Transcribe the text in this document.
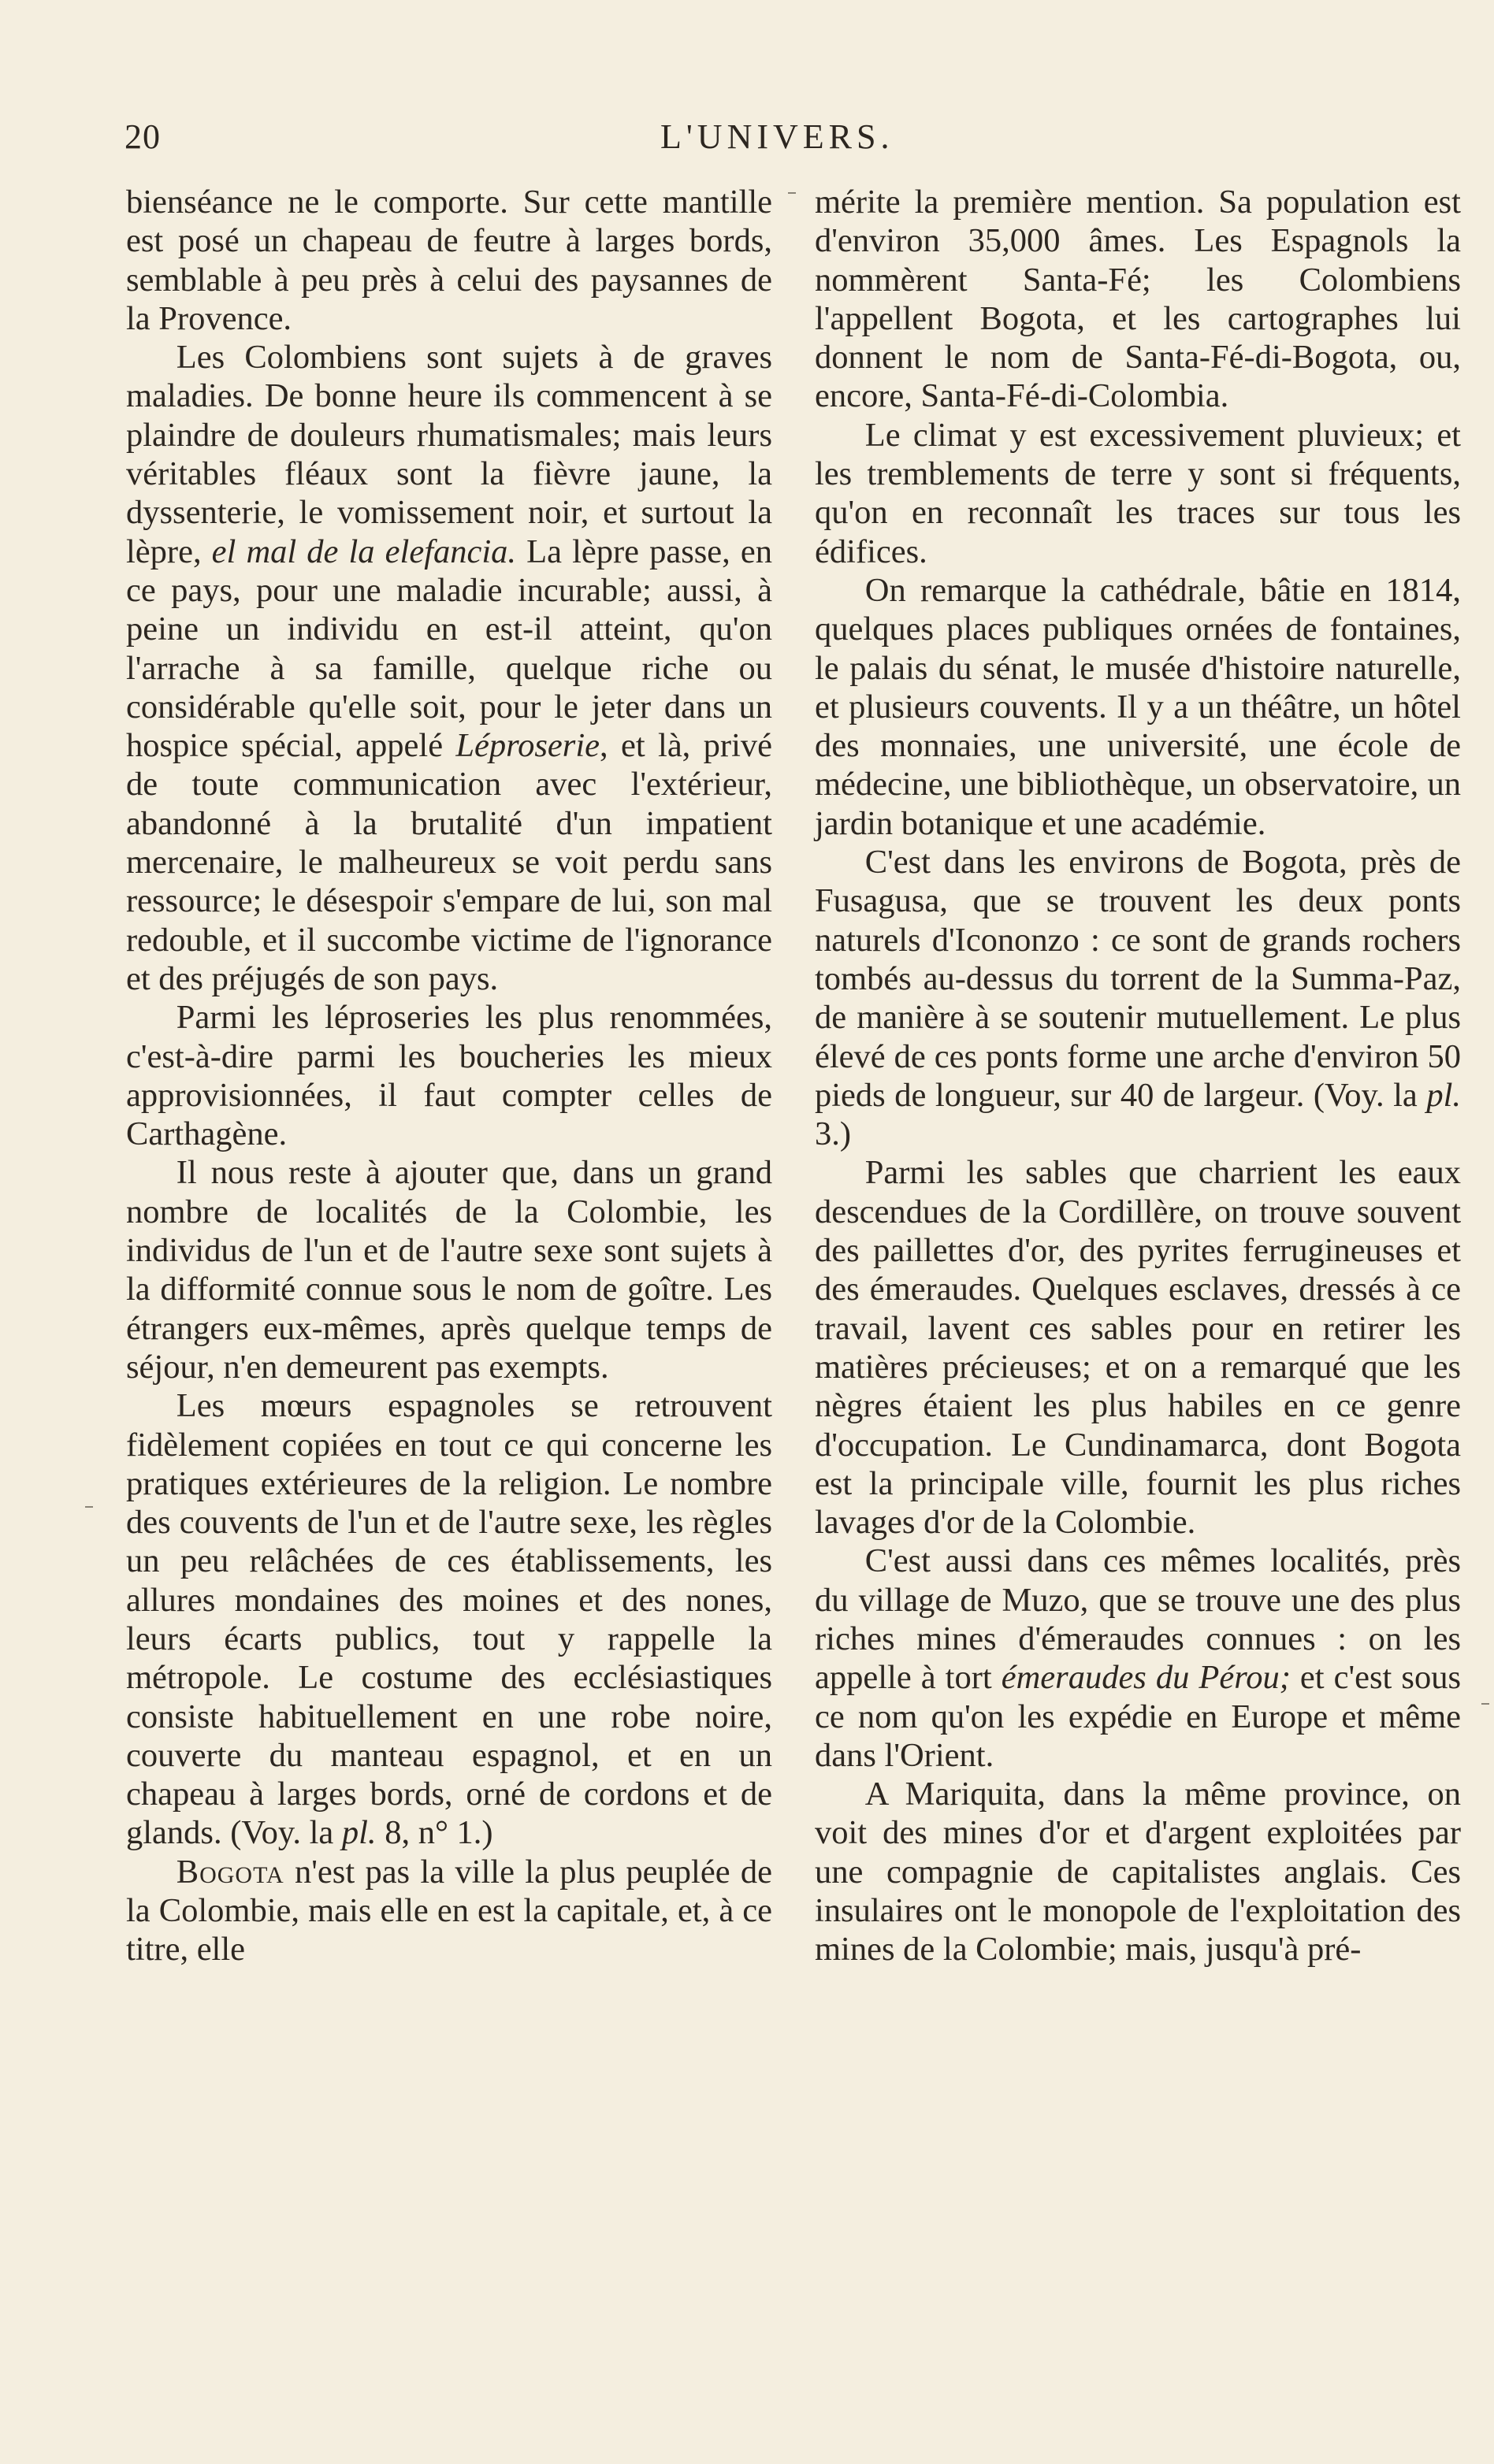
20	L'UNIVERS.

bienséance ne le comporte. Sur cette mantille est posé un chapeau de feutre à larges bords, semblable à peu près à celui des paysannes de la Provence.

Les Colombiens sont sujets à de graves maladies. De bonne heure ils commencent à se plaindre de douleurs rhumatismales; mais leurs véritables fléaux sont la fièvre jaune, la dyssenterie, le vomissement noir, et surtout la lèpre, el mal de la elefancia. La lèpre passe, en ce pays, pour une maladie incurable; aussi, à peine un individu en est-il atteint, qu'on l'arrache à sa famille, quelque riche ou considérable qu'elle soit, pour le jeter dans un hospice spécial, appelé Léproserie, et là, privé de toute communication avec l'extérieur, abandonné à la brutalité d'un impatient mercenaire, le malheureux se voit perdu sans ressource; le désespoir s'empare de lui, son mal redouble, et il succombe victime de l'ignorance et des préjugés de son pays.

Parmi les léproseries les plus renommées, c'est-à-dire parmi les boucheries les mieux approvisionnées, il faut compter celles de Carthagène.

Il nous reste à ajouter que, dans un grand nombre de localités de la Colombie, les individus de l'un et de l'autre sexe sont sujets à la difformité connue sous le nom de goître. Les étrangers eux-mêmes, après quelque temps de séjour, n'en demeurent pas exempts.

Les mœurs espagnoles se retrouvent fidèlement copiées en tout ce qui concerne les pratiques extérieures de la religion. Le nombre des couvents de l'un et de l'autre sexe, les règles un peu relâchées de ces établissements, les allures mondaines des moines et des nones, leurs écarts publics, tout y rappelle la métropole. Le costume des ecclésiastiques consiste habituellement en une robe noire, couverte du manteau espagnol, et en un chapeau à larges bords, orné de cordons et de glands. (Voy. la pl. 8, n° 1.)

Bogota n'est pas la ville la plus peuplée de la Colombie, mais elle en est la capitale, et, à ce titre, elle

mérite la première mention. Sa population est d'environ 35,000 âmes. Les Espagnols la nommèrent Santa-Fé; les Colombiens l'appellent Bogota, et les cartographes lui donnent le nom de Santa-Fé-di-Bogota, ou, encore, Santa-Fé-di-Colombia.

Le climat y est excessivement pluvieux; et les tremblements de terre y sont si fréquents, qu'on en reconnaît les traces sur tous les édifices.

On remarque la cathédrale, bâtie en 1814, quelques places publiques ornées de fontaines, le palais du sénat, le musée d'histoire naturelle, et plusieurs couvents. Il y a un théâtre, un hôtel des monnaies, une université, une école de médecine, une bibliothèque, un observatoire, un jardin botanique et une académie.

C'est dans les environs de Bogota, près de Fusagusa, que se trouvent les deux ponts naturels d'Icononzo : ce sont de grands rochers tombés au-dessus du torrent de la Summa-Paz, de manière à se soutenir mutuellement. Le plus élevé de ces ponts forme une arche d'environ 50 pieds de longueur, sur 40 de largeur. (Voy. la pl. 3.)

Parmi les sables que charrient les eaux descendues de la Cordillère, on trouve souvent des paillettes d'or, des pyrites ferrugineuses et des émeraudes. Quelques esclaves, dressés à ce travail, lavent ces sables pour en retirer les matières précieuses; et on a remarqué que les nègres étaient les plus habiles en ce genre d'occupation. Le Cundinamarca, dont Bogota est la principale ville, fournit les plus riches lavages d'or de la Colombie.

C'est aussi dans ces mêmes localités, près du village de Muzo, que se trouve une des plus riches mines d'émeraudes connues : on les appelle à tort émeraudes du Pérou; et c'est sous ce nom qu'on les expédie en Europe et même dans l'Orient.

A Mariquita, dans la même province, on voit des mines d'or et d'argent exploitées par une compagnie de capitalistes anglais. Ces insulaires ont le monopole de l'exploitation des mines de la Colombie; mais, jusqu'à pré-
